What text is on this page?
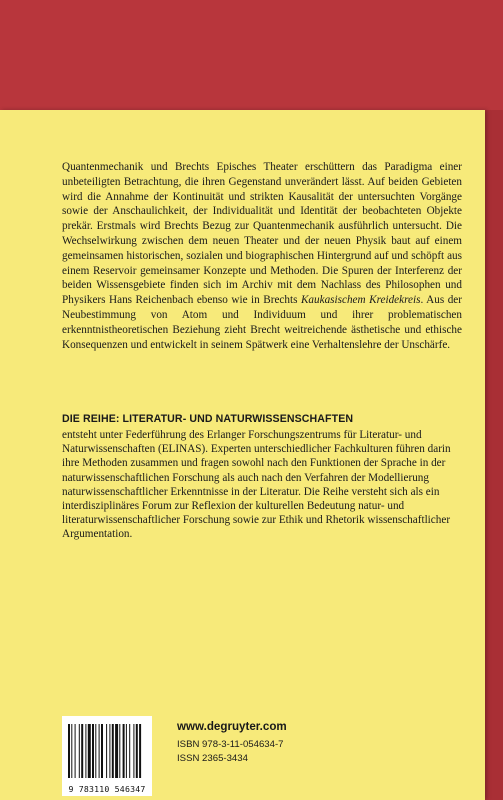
Quantenmechanik und Brechts Episches Theater erschüttern das Paradigma einer unbeteiligten Betrachtung, die ihren Gegenstand unverändert lässt. Auf beiden Gebieten wird die Annahme der Kontinuität und strikten Kausalität der untersuchten Vorgänge sowie der Anschaulichkeit, der Individualität und Identität der beobachteten Objekte prekär. Erstmals wird Brechts Bezug zur Quantenmechanik ausführlich untersucht. Die Wechselwirkung zwischen dem neuen Theater und der neuen Physik baut auf einem gemeinsamen historischen, sozialen und biographischen Hintergrund auf und schöpft aus einem Reservoir gemeinsamer Konzepte und Methoden. Die Spuren der Interferenz der beiden Wissensgebiete finden sich im Archiv mit dem Nachlass des Philosophen und Physikers Hans Reichenbach ebenso wie in Brechts Kaukasischem Kreidekreis. Aus der Neubestimmung von Atom und Individuum und ihrer problematischen erkenntnistheoretischen Beziehung zieht Brecht weitreichende ästhetische und ethische Konsequenzen und entwickelt in seinem Spätwerk eine Verhaltenslehre der Unschärfe.

DIE REIHE: LITERATUR- UND NATURWISSENSCHAFTEN

entsteht unter Federführung des Erlanger Forschungszentrums für Literatur- und Naturwissenschaften (ELINAS). Experten unterschiedlicher Fachkulturen führen darin ihre Methoden zusammen und fragen sowohl nach den Funktionen der Sprache in der naturwissenschaftlichen Forschung als auch nach den Verfahren der Modellierung naturwissenschaftlicher Erkenntnisse in der Literatur. Die Reihe versteht sich als ein interdisziplinäres Forum zur Reflexion der kulturellen Bedeutung natur- und literaturwissenschaftlicher Forschung sowie zur Ethik und Rhetorik wissenschaftlicher Argumentation.

9 783110 546347

www.degruyter.com

ISBN 978-3-11-054634-7

ISSN 2365-3434
